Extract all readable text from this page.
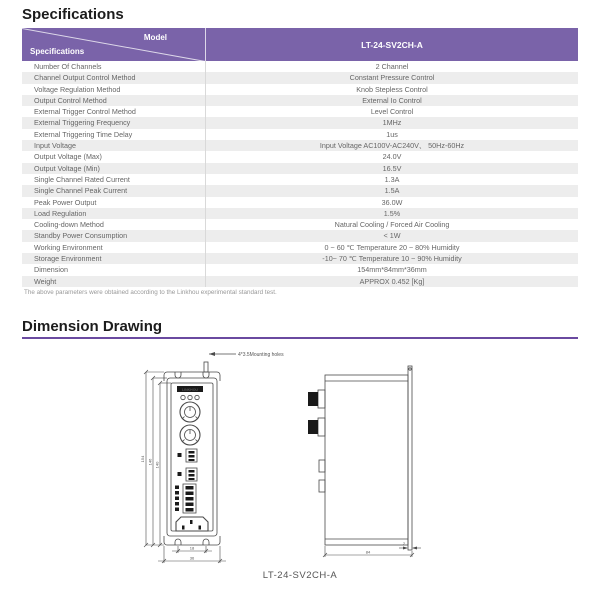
Specifications
Model
Specifications
LT-24-SV2CH-A
Number Of Channels	2 Channel
Channel Output Control Method	Constant Pressure Control
Voltage Regulation Method	Knob Stepless Control
Output Control Method	External Io Control
External Trigger Control Method	Level Control
External Triggering Frequency	1MHz
External Triggering Time Delay	1us
Input Voltage	Input Voltage AC100V-AC240V、 50Hz-60Hz
Output Voltage (Max)	24.0V
Output Voltage (Min)	16.5V
Single Channel Rated Current	1.3A
Single Channel Peak Current	1.5A
Peak Power Output	36.0W
Load Regulation	1.5%
Cooling-down Method	Natural Cooling / Forced Air Cooling
Standby Power Consumption	< 1W
Working Environment	0 ~ 60 ℃ Temperature 20 ~ 80% Humidity
Storage Environment	-10~ 70 ℃ Temperature 10 ~ 90% Humidity
Dimension	154mm*84mm*36mm
Weight	APPROX 0.452 [Kg]
The above parameters were obtained according to the Linkhou experimental standard test.
Dimension Drawing
4*3.5Mounting holes
LINKHOU
154 146 140
18
36
84
2
LT-24-SV2CH-A
